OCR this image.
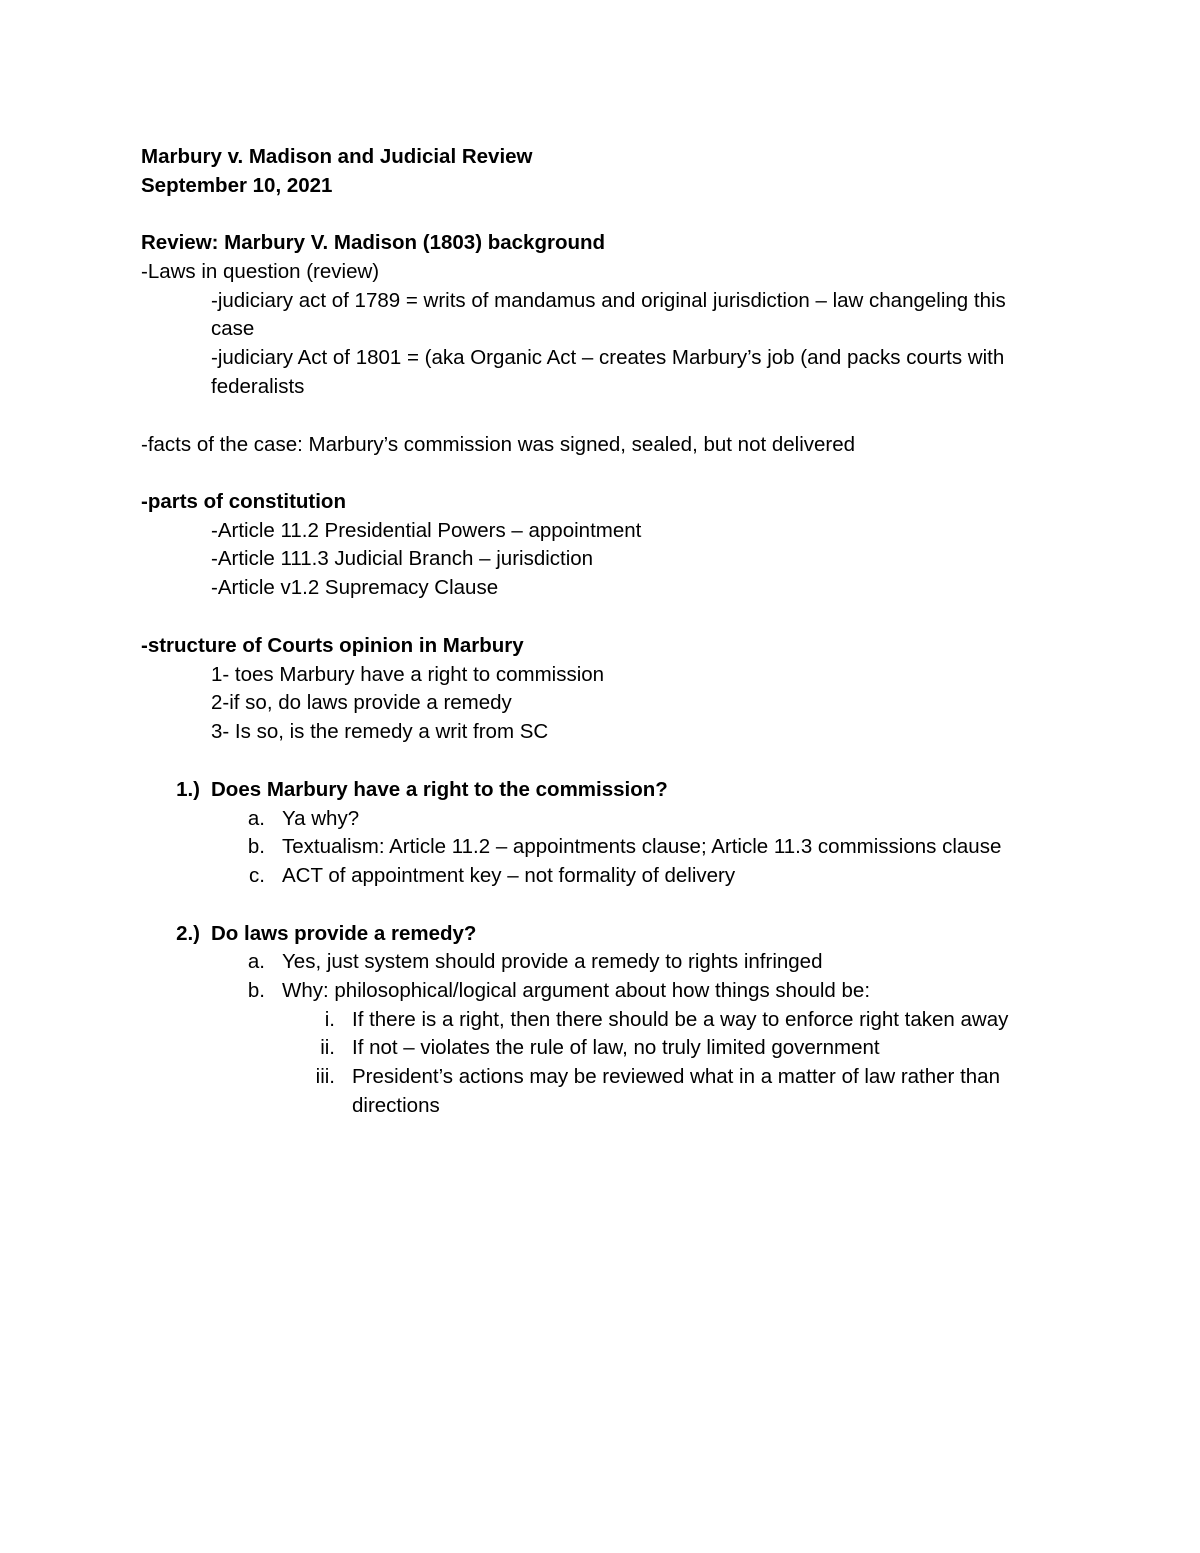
Marbury v. Madison and Judicial Review
September 10, 2021
Review: Marbury V. Madison (1803) background
-Laws in question (review)
-judiciary act of 1789 = writs of mandamus and original jurisdiction – law changeling this
case
-judiciary Act of 1801 = (aka Organic Act – creates Marbury’s job (and packs courts with
federalists
-facts of the case: Marbury’s commission was signed, sealed, but not delivered
-parts of constitution
-Article 11.2 Presidential Powers – appointment
-Article 111.3 Judicial Branch – jurisdiction
-Article v1.2 Supremacy Clause
-structure of Courts opinion in Marbury
1- toes Marbury have a right to commission
2-if so, do laws provide a remedy
3- Is so, is the remedy a writ from SC
1.) Does Marbury have a right to the commission?
a. Ya why?
b. Textualism: Article 11.2 – appointments clause; Article 11.3 commissions clause
c. ACT of appointment key – not formality of delivery
2.) Do laws provide a remedy?
a. Yes, just system should provide a remedy to rights infringed
b. Why: philosophical/logical argument about how things should be:
i. If there is a right, then there should be a way to enforce right taken away
ii. If not – violates the rule of law, no truly limited government
iii. President’s actions may be reviewed what in a matter of law rather than
directions
